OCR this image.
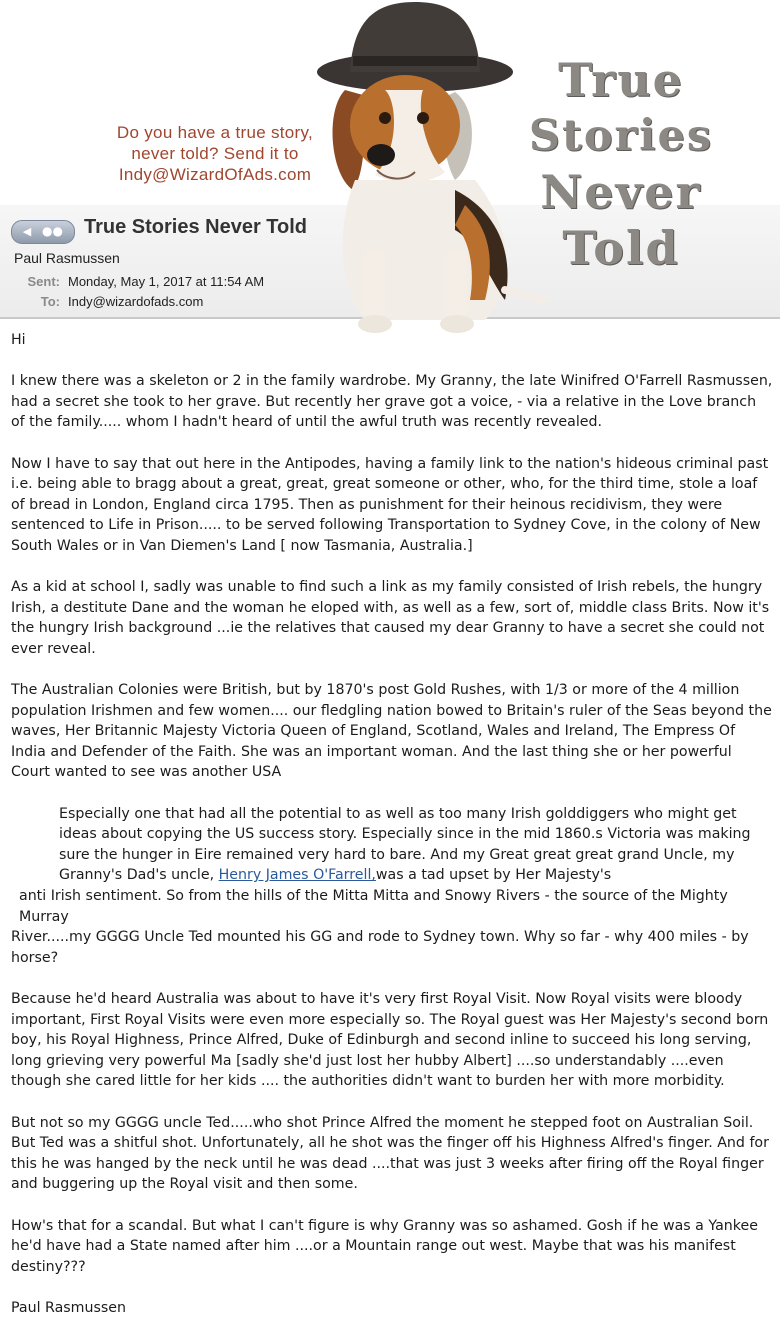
Do you have a true story,
never told? Send it to
Indy@WizardOfAds.com
◀ ●● True Stories Never Told
Paul Rasmussen
Sent: Monday, May 1, 2017 at 11:54 AM
To: Indy@wizardofads.com
True
Stories
Never
Told

Hi

I knew there was a skeleton or 2 in the family wardrobe. My Granny, the late Winifred O'Farrell Rasmussen, had a secret she took to her grave. But recently her grave got a voice, - via a relative in the Love branch of the family..... whom I hadn't heard of until the awful truth was recently revealed.

Now I have to say that out here in the Antipodes, having a family link to the nation's hideous criminal past i.e. being able to bragg about a great, great, great someone or other, who, for the third time, stole a loaf of bread in London, England circa 1795. Then as punishment for their heinous recidivism, they were sentenced to Life in Prison..... to be served following Transportation to Sydney Cove, in the colony of New South Wales or in Van Diemen's Land [ now Tasmania, Australia.]

As a kid at school I, sadly was unable to find such a link as my family consisted of Irish rebels, the hungry Irish, a destitute Dane and the woman he eloped with, as well as a few, sort of, middle class Brits. Now it's the hungry Irish background ...ie the relatives that caused my dear Granny to have a secret she could not ever reveal.

The Australian Colonies were British, but by 1870's post Gold Rushes, with 1/3 or more of the 4 million population Irishmen and few women.... our fledgling nation bowed to Britain's ruler of the Seas beyond the waves, Her Britannic Majesty Victoria Queen of England, Scotland, Wales and Ireland, The Empress Of India and Defender of the Faith. She was an important woman. And the last thing she or her powerful Court wanted to see was another USA

Especially one that had all the potential to as well as too many Irish golddiggers who might get ideas about copying the US success story. Especially since in the mid 1860.s Victoria was making sure the hunger in Eire remained very hard to bare. And my Great great great grand Uncle, my Granny's Dad's uncle, Henry James O'Farrell,was a tad upset by Her Majesty's

anti Irish sentiment. So from the hills of the Mitta Mitta and Snowy Rivers - the source of the Mighty Murray

River.....my GGGG Uncle Ted mounted his GG and rode to Sydney town. Why so far - why 400 miles - by horse?

Because he'd heard Australia was about to have it's very first Royal Visit. Now Royal visits were bloody important, First Royal Visits were even more especially so. The Royal guest was Her Majesty's second born boy, his Royal Highness, Prince Alfred, Duke of Edinburgh and second inline to succeed his long serving, long grieving very powerful Ma [sadly she'd just lost her hubby Albert] ....so understandably ....even though she cared little for her kids .... the authorities didn't want to burden her with more morbidity.

But not so my GGGG uncle Ted.....who shot Prince Alfred the moment he stepped foot on Australian Soil. But Ted was a shitful shot. Unfortunately, all he shot was the finger off his Highness Alfred's finger. And for this he was hanged by the neck until he was dead ....that was just 3 weeks after firing off the Royal finger and buggering up the Royal visit and then some.

How's that for a scandal. But what I can't figure is why Granny was so ashamed. Gosh if he was a Yankee he'd have had a State named after him ....or a Mountain range out west. Maybe that was his manifest destiny???

Paul Rasmussen
